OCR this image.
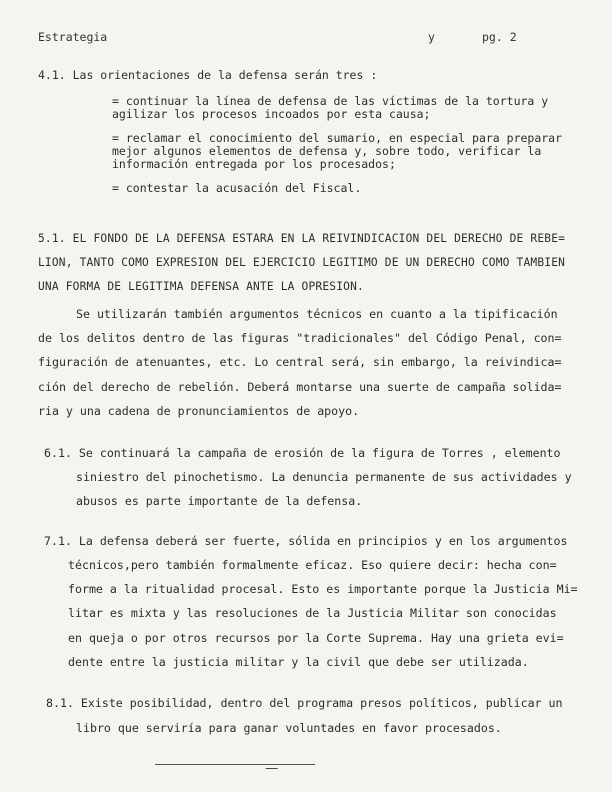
Estrategia	y	pg. 2
4.1. Las orientaciones de la defensa serán tres :
= continuar la línea de defensa de las víctimas de la tortura y
agilizar los procesos incoados por esta causa;
= reclamar el conocimiento del sumario, en especial para preparar
mejor algunos elementos de defensa y, sobre todo, verificar la
información entregada por los procesados;
= contestar la acusación del Fiscal.
5.1. EL FONDO DE LA DEFENSA ESTARA EN LA REIVINDICACION DEL DERECHO DE REBE=
LION, TANTO COMO EXPRESION DEL EJERCICIO LEGITIMO DE UN DERECHO COMO TAMBIEN
UNA FORMA DE LEGITIMA DEFENSA ANTE LA OPRESION.
Se utilizarán también argumentos técnicos en cuanto a la tipificación
de los delitos dentro de las figuras "tradicionales" del Código Penal, con=
figuración de atenuantes, etc. Lo central será, sin embargo, la reivindica=
ción del derecho de rebelión. Deberá montarse una suerte de campaña solida=
ria y una cadena de pronunciamientos de apoyo.
6.1. Se continuará la campaña de erosión de la figura de Torres , elemento
siniestro del pinochetismo. La denuncia permanente de sus actividades y
abusos es parte importante de la defensa.
7.1. La defensa deberá ser fuerte, sólida en principios y en los argumentos
técnicos,pero también formalmente eficaz. Eso quiere decir: hecha con=
forme a la ritualidad procesal. Esto es importante porque la Justicia Mi=
litar es mixta y las resoluciones de la Justicia Militar son conocidas
en queja o por otros recursos por la Corte Suprema. Hay una grieta evi=
dente entre la justicia militar y la civil que debe ser utilizada.
8.1. Existe posibilidad, dentro del programa presos políticos, publicar un
libro que serviría para ganar voluntades en favor procesados.
